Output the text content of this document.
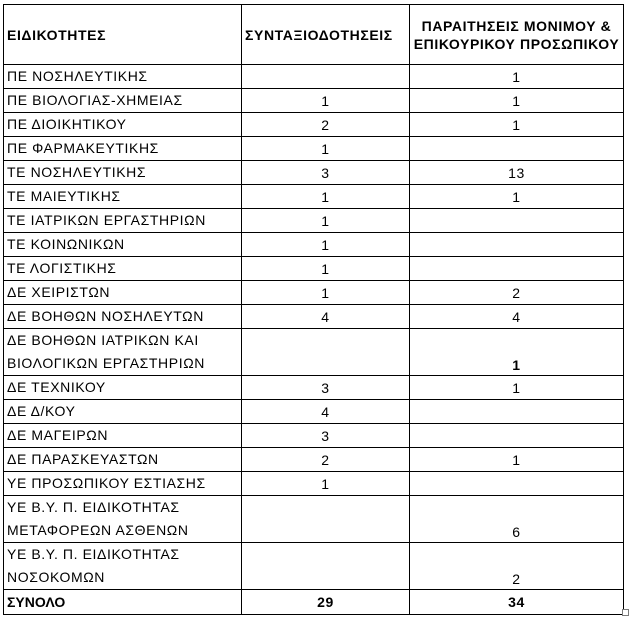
ΕΙΔΙΚΟΤΗΤΕΣ	ΣΥΝΤΑΞΙΟΔΟΤΗΣΕΙΣ	ΠΑΡΑΙΤΗΣΕΙΣ ΜΟΝΙΜΟΥ &
ΕΠΙΚΟΥΡΙΚΟΥ ΠΡΟΣΩΠΙΚΟΥ
ΠΕ ΝΟΣΗΛΕΥΤΙΚΗΣ		1
ΠΕ ΒΙΟΛΟΓΙΑΣ-ΧΗΜΕΙΑΣ	1	1
ΠΕ ΔΙΟΙΚΗΤΙΚΟΥ	2	1
ΠΕ ΦΑΡΜΑΚΕΥΤΙΚΗΣ	1	
ΤΕ ΝΟΣΗΛΕΥΤΙΚΗΣ	3	13
ΤΕ ΜΑΙΕΥΤΙΚΗΣ	1	1
ΤΕ ΙΑΤΡΙΚΩΝ ΕΡΓΑΣΤΗΡΙΩΝ	1	
ΤΕ ΚΟΙΝΩΝΙΚΩΝ	1	
ΤΕ ΛΟΓΙΣΤΙΚΗΣ	1	
ΔΕ ΧΕΙΡΙΣΤΩΝ	1	2
ΔΕ ΒΟΗΘΩΝ ΝΟΣΗΛΕΥΤΩΝ	4	4
ΔΕ ΒΟΗΘΩΝ ΙΑΤΡΙΚΩΝ ΚΑΙ
ΒΙΟΛΟΓΙΚΩΝ ΕΡΓΑΣΤΗΡΙΩΝ		1
ΔΕ ΤΕΧΝΙΚΟΥ	3	1
ΔΕ Δ/ΚΟΥ	4	
ΔΕ ΜΑΓΕΙΡΩΝ	3	
ΔΕ ΠΑΡΑΣΚΕΥΑΣΤΩΝ	2	1
ΥΕ ΠΡΟΣΩΠΙΚΟΥ ΕΣΤΙΑΣΗΣ	1	
ΥΕ Β.Υ. Π. ΕΙΔΙΚΟΤΗΤΑΣ
ΜΕΤΑΦΟΡΕΩΝ ΑΣΘΕΝΩΝ		6
ΥΕ Β.Υ. Π. ΕΙΔΙΚΟΤΗΤΑΣ
ΝΟΣΟΚΟΜΩΝ		2
ΣΥΝΟΛΟ	29	34
